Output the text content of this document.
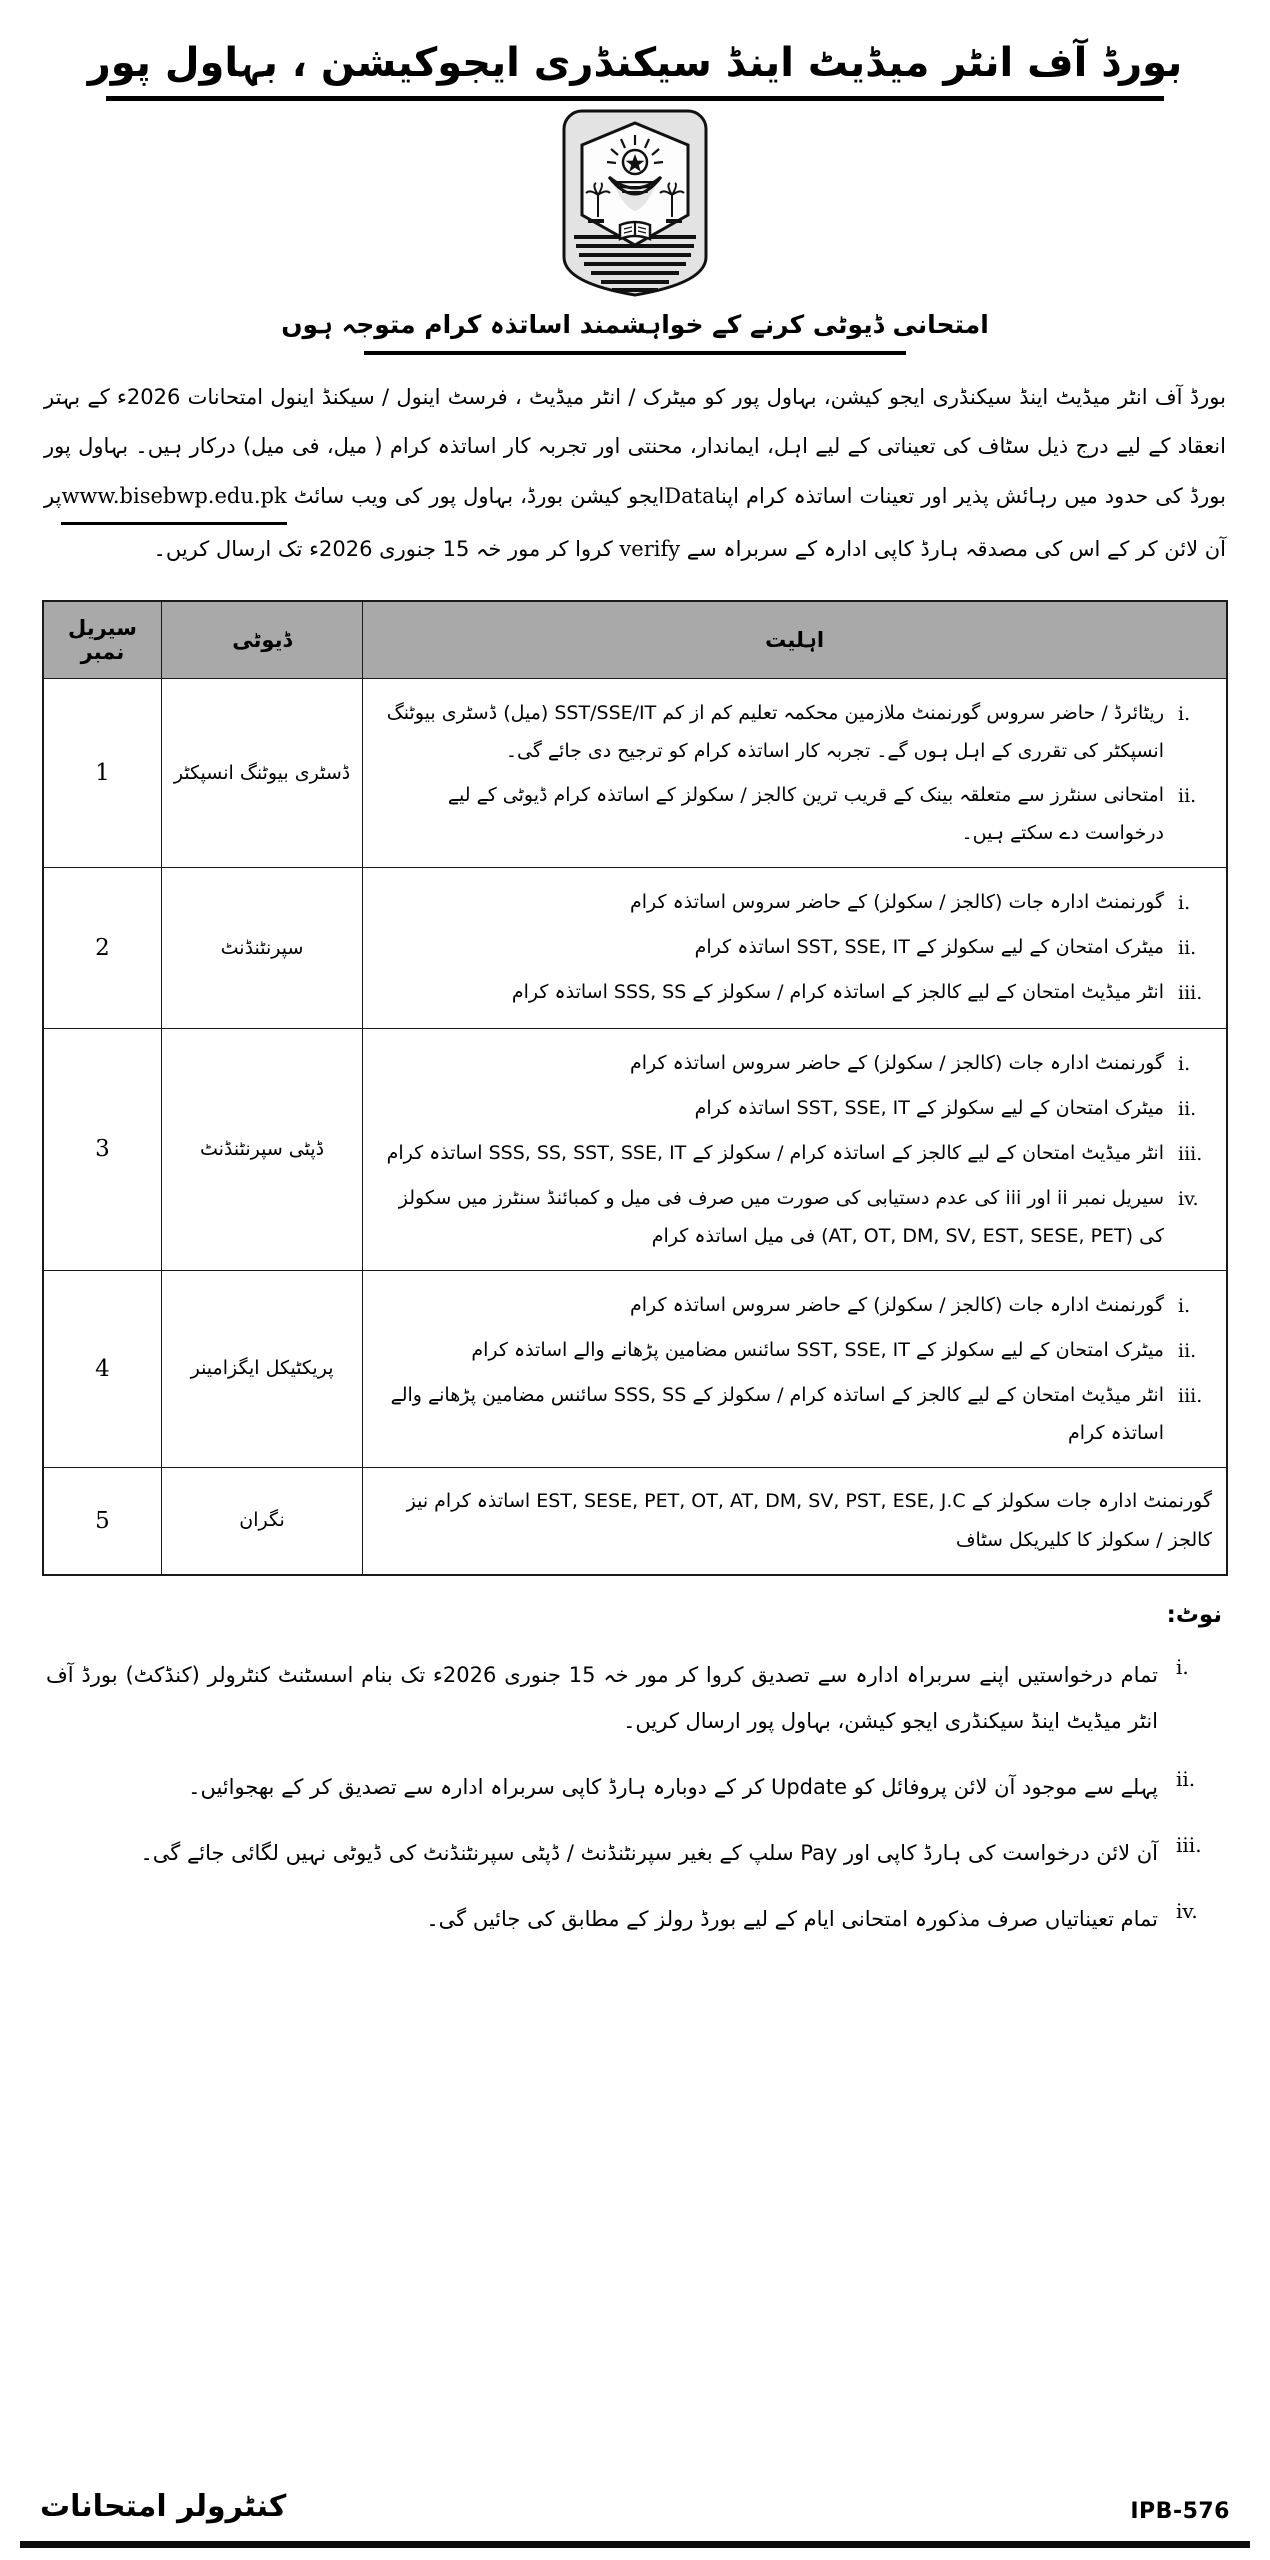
بورڈ آف انٹر میڈیٹ اینڈ سیکنڈری ایجوکیشن ، بہاول پور
امتحانی ڈیوٹی کرنے کے خواہشمند اساتذہ کرام متوجہ ہوں
بورڈ آف انٹر میڈیٹ اینڈ سیکنڈری ایجو کیشن، بہاول پور کو میٹرک / انٹر میڈیٹ ، فرسٹ اینول / سیکنڈ اینول امتحانات 2026ء کے بہتر انعقاد کے لیے درج ذیل سٹاف کی تعیناتی کے لیے اہل، ایماندار، محنتی اور تجربہ کار اساتذہ کرام ( میل، فی میل) درکار ہیں۔ بہاول پور بورڈ کی حدود میں رہائش پذیر اور تعینات اساتذہ کرام اپناDataایجو کیشن بورڈ، بہاول پور کی ویب سائٹ www.bisebwp.edu.pkپر آن لائن کر کے اس کی مصدقہ ہارڈ کاپی ادارہ کے سربراہ سے verify کروا کر مور خہ 15 جنوری 2026ء تک ارسال کریں۔
اہلیت	ڈیوٹی	سیریل نمبر

i.
ریٹائرڈ / حاضر سروس گورنمنٹ ملازمین محکمہ تعلیم کم از کم SST/SSE/IT (میل) ڈسٹری بیوٹنگ انسپکٹر کی تقرری کے اہل ہوں گے۔ تجربہ کار اساتذہ کرام کو ترجیح دی جائے گی۔
ii.
امتحانی سنٹرز سے متعلقہ بینک کے قریب ترین کالجز / سکولز کے اساتذہ کرام ڈیوٹی کے لیے درخواست دے سکتے ہیں۔
	ڈسٹری بیوٹنگ انسپکٹر	1

i.
گورنمنٹ ادارہ جات (کالجز / سکولز) کے حاضر سروس اساتذہ کرام
ii.
میٹرک امتحان کے لیے سکولز کے SST, SSE, IT اساتذہ کرام
iii.
انٹر میڈیٹ امتحان کے لیے کالجز کے اساتذہ کرام / سکولز کے SSS, SS اساتذہ کرام
	سپرنٹنڈنٹ	2

i.
گورنمنٹ ادارہ جات (کالجز / سکولز) کے حاضر سروس اساتذہ کرام
ii.
میٹرک امتحان کے لیے سکولز کے SST, SSE, IT اساتذہ کرام
iii.
انٹر میڈیٹ امتحان کے لیے کالجز کے اساتذہ کرام / سکولز کے SSS, SS, SST, SSE, IT اساتذہ کرام
iv.
سیریل نمبر ii اور iii کی عدم دستیابی کی صورت میں صرف فی میل و کمبائنڈ سنٹرز میں سکولز کی (AT, OT, DM, SV, EST, SESE, PET) فی میل اساتذہ کرام
	ڈپٹی سپرنٹنڈنٹ	3

i.
گورنمنٹ ادارہ جات (کالجز / سکولز) کے حاضر سروس اساتذہ کرام
ii.
میٹرک امتحان کے لیے سکولز کے SST, SSE, IT سائنس مضامین پڑھانے والے اساتذہ کرام
iii.
انٹر میڈیٹ امتحان کے لیے کالجز کے اساتذہ کرام / سکولز کے SSS, SS سائنس مضامین پڑھانے والے اساتذہ کرام
	پریکٹیکل ایگزامینر	4
گورنمنٹ ادارہ جات سکولز کے EST, SESE, PET, OT, AT, DM, SV, PST, ESE, J.C اساتذہ کرام نیز کالجز / سکولز کا کلیریکل سٹاف	نگران	5
نوٹ:
i.
تمام درخواستیں اپنے سربراہ ادارہ سے تصدیق کروا کر مور خہ 15 جنوری 2026ء تک بنام اسسٹنٹ کنٹرولر (کنڈکٹ) بورڈ آف انٹر میڈیٹ اینڈ سیکنڈری ایجو کیشن، بہاول پور ارسال کریں۔
ii.
پہلے سے موجود آن لائن پروفائل کو Update کر کے دوبارہ ہارڈ کاپی سربراہ ادارہ سے تصدیق کر کے بھجوائیں۔
iii.
آن لائن درخواست کی ہارڈ کاپی اور Pay سلپ کے بغیر سپرنٹنڈنٹ / ڈپٹی سپرنٹنڈنٹ کی ڈیوٹی نہیں لگائی جائے گی۔
iv.
تمام تعیناتیاں صرف مذکورہ امتحانی ایام کے لیے بورڈ رولز کے مطابق کی جائیں گی۔
کنٹرولر امتحانات	IPB-576
